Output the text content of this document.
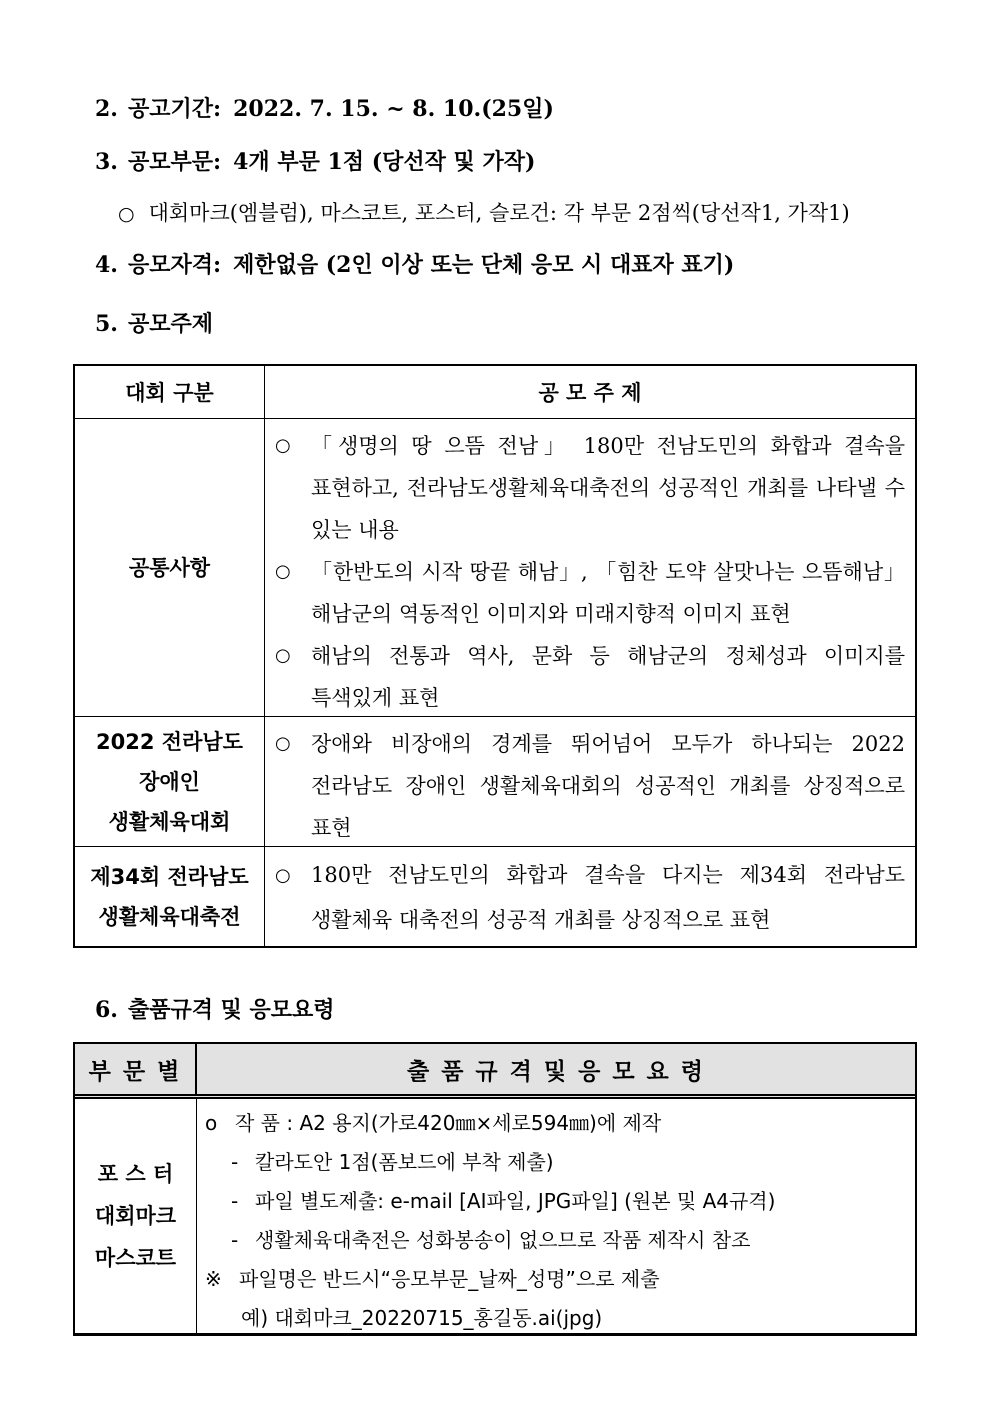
2. 공고기간: 2022. 7. 15. ~ 8. 10.(25일)
3. 공모부문: 4개 부문 1점 (당선작 및 가작)
○ 대회마크(엠블럼), 마스코트, 포스터, 슬로건: 각 부문 2점씩(당선작1, 가작1)
4. 응모자격: 제한없음 (2인 이상 또는 단체 응모 시 대표자 표기)
5. 공모주제
대회 구분	공 모 주 제
공통사항
○ 「생명의 땅 으뜸 전남」 180만 전남도민의 화합과 결속을 표현하고, 전라남도생활체육대축전의 성공적인 개최를 나타낼 수 있는 내용
○ 「한반도의 시작 땅끝 해남」, 「힘찬 도약 살맛나는 으뜸해남」 해남군의 역동적인 이미지와 미래지향적 이미지 표현
○ 해남의 전통과 역사, 문화 등 해남군의 정체성과 이미지를 특색있게 표현
2022 전라남도
장애인
생활체육대회
○ 장애와 비장애의 경계를 뛰어넘어 모두가 하나되는 2022 전라남도 장애인 생활체육대회의 성공적인 개최를 상징적으로 표현
제34회 전라남도
생활체육대축전
○ 180만 전남도민의 화합과 결속을 다지는 제34회 전라남도 생활체육 대축전의 성공적 개최를 상징적으로 표현
6. 출품규격 및 응모요령
부 문 별	출 품 규 격 및 응 모 요 령
포 스 터
대회마크
마스코트
o 작 품 : A2 용지(가로420㎜×세로594㎜)에 제작
- 칼라도안 1점(폼보드에 부착 제출)
- 파일 별도제출: e-mail [AI파일, JPG파일] (원본 및 A4규격)
- 생활체육대축전은 성화봉송이 없으므로 작품 제작시 참조
※ 파일명은 반드시“응모부문_날짜_성명”으로 제출
예) 대회마크_20220715_홍길동.ai(jpg)
